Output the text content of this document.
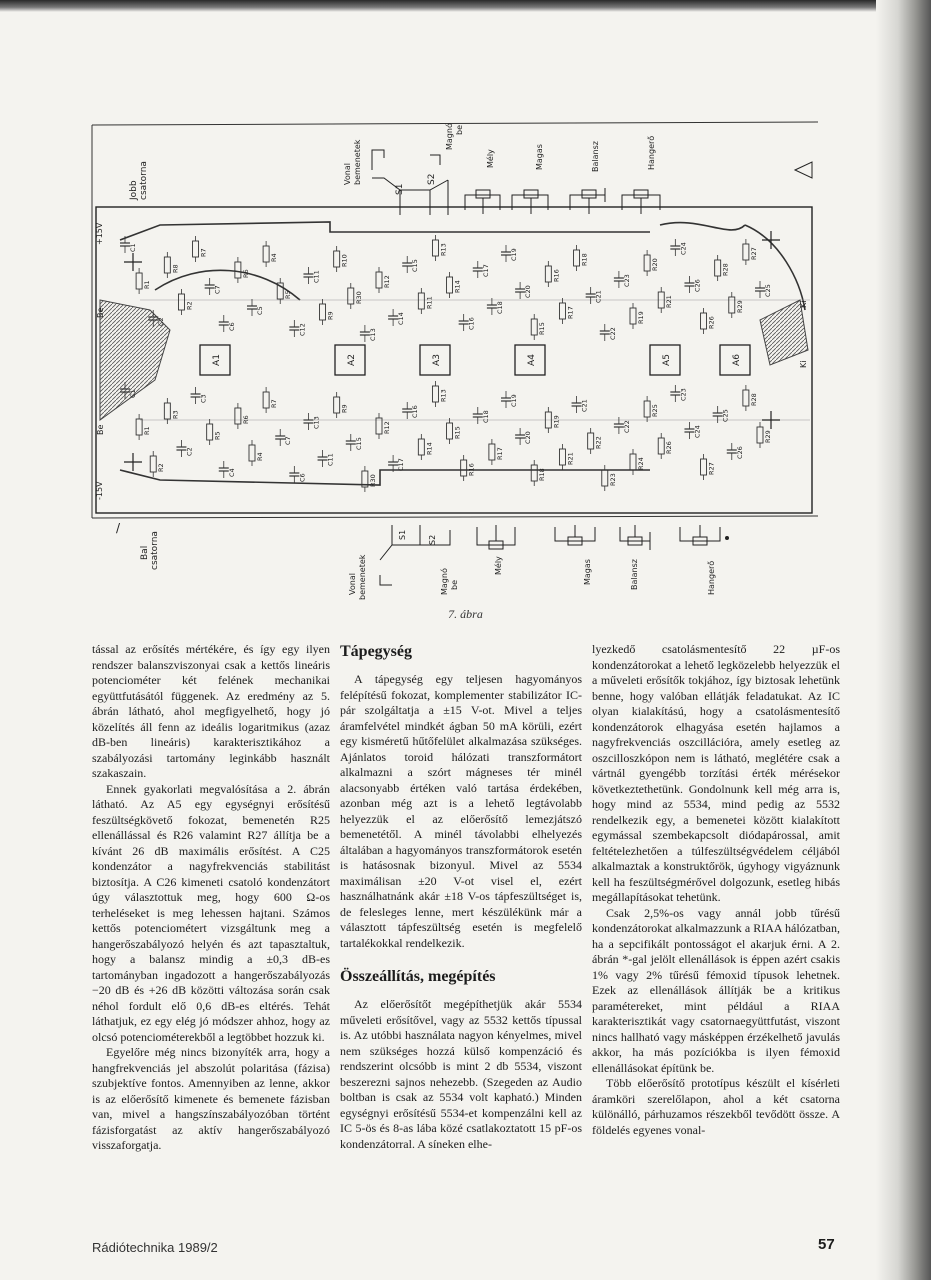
Jobb csatorna	Vonal bemenetek
Magnó be
S1
S2
Mély	Magas	Balansz	Hangerő
C1
R1
C2
R8
R2
R7
C7
C6
R6
C5
R4
R5
C12
C11
R9
R10
R30
C13
R12
C14
C15
R11
R13
R14
C16
C17
C18
C19
C20
R15
R16
R17
R18
C21
C22
C23
R19
R20
R21
C24
C26
R26
R28
R29
R27
C25
C1
R1
R2
R3
C2
C3
R5
C4
R6
R4
R7
C7
C6
C13
C11
R9
C15
R30
R12
C17
C16
R14
R13
R15
R16
C18
R17
C19
C20
R18
R19
R21
C21
R22
R23
C22
R24
R25
R26
C23
C24
R27
C25
C26
R28
R29
A1	A2	A3	A4	A5	A6
+15V
-15V
Be
Be
Ki
Ki
/
Bal csatorna
Vonal bemenetek	Magnó be
S1	S2
Mély	Magas	Balansz	Hangerő
7. ábra

tással az erősítés mértékére, és így egy ilyen rendszer balanszviszonyai csak a kettős lineáris potenciométer két felének mechanikai együttfutásától függenek. Az eredmény az 5. ábrán látható, ahol megfigyelhető, hogy jó közelítés áll fenn az ideális logaritmikus (azaz dB-ben lineáris) karakterisztikához a szabályozási tartomány leginkább használt szakaszain.

Ennek gyakorlati megvalósítása a 2. ábrán látható. Az A5 egy egységnyi erősítésű feszültségkövető fokozat, bemenetén R25 ellenállással és R26 valamint R27 állítja be a kívánt 26 dB maximális erősítést. A C25 kondenzátor a nagyfrekvenciás stabilitást biztosítja. A C26 kimeneti csatoló kondenzátort úgy választottuk meg, hogy 600 Ω-os terheléseket is meg lehessen hajtani. Számos kettős potenciométert vizsgáltunk meg a hangerőszabályozó helyén és azt tapasztaltuk, hogy a balansz mindig a ±0,3 dB-es tartományban ingadozott a hangerőszabályozás −20 dB és +26 dB közötti változása során csak néhol fordult elő 0,6 dB-es eltérés. Tehát láthatjuk, ez egy elég jó módszer ahhoz, hogy az olcsó potenciométerekből a legtöbbet hozzuk ki.

Egyelőre még nincs bizonyíték arra, hogy a hangfrekvenciás jel abszolút polaritása (fázisa) szubjektíve fontos. Amennyiben az lenne, akkor is az előerősítő kimenete és bemenete fázisban van, mivel a hangszínszabályozóban történt fázisforgatást az aktív hangerőszabályozó visszaforgatja.

Tápegység

A tápegység egy teljesen hagyományos felépítésű fokozat, komplementer stabilizátor IC-pár szolgáltatja a ±15 V-ot. Mivel a teljes áramfelvétel mindkét ágban 50 mA körüli, ezért egy kisméretű hűtőfelület alkalmazása szükséges. Ajánlatos toroid hálózati transzformátort alkalmazni a szórt mágneses tér minél alacsonyabb értéken való tartása érdekében, azonban még azt is a lehető legtávolabb helyezzük el az előerősítő lemezjátszó bemenetétől. A minél távolabbi elhelyezés általában a hagyományos transzformátorok esetén is hatásosnak bizonyul. Mivel az 5534 maximálisan ±20 V-ot visel el, ezért használhatnánk akár ±18 V-os tápfeszültséget is, de felesleges lenne, mert készülékünk már a választott tápfeszültség esetén is megfelelő tartalékokkal rendelkezik.

Összeállítás, megépítés

Az előerősítőt megépíthetjük akár 5534 műveleti erősítővel, vagy az 5532 kettős típussal is. Az utóbbi használata nagyon kényelmes, mivel nem szükséges hozzá külső kompenzáció és rendszerint olcsóbb is mint 2 db 5534, viszont beszerezni sajnos nehezebb. (Szegeden az Audio boltban is csak az 5534 volt kapható.) Minden egységnyi erősítésű 5534-et kompenzálni kell az IC 5-ös és 8-as lába közé csatlakoztatott 15 pF-os kondenzátorral. A síneken elhe-

lyezkedő csatolásmentesítő 22 µF-os kondenzátorokat a lehető legközelebb helyezzük el a műveleti erősítők tokjához, így biztosak lehetünk benne, hogy valóban ellátják feladatukat. Az IC olyan kialakítású, hogy a csatolásmentesítő kondenzátorok elhagyása esetén hajlamos a nagyfrekvenciás oszcillációra, amely esetleg az oszcilloszkópon nem is látható, meglétére csak a vártnál gyengébb torzítási érték mérésekor következtethetünk. Gondolnunk kell még arra is, hogy mind az 5534, mind pedig az 5532 rendelkezik egy, a bemenetei között kialakított egymással szembekapcsolt diódapárossal, amit feltételezhetően a túlfeszültségvédelem céljából alkalmaztak a konstruktőrök, úgyhogy vigyáznunk kell ha feszültségmérővel dolgozunk, esetleg hibás megállapításokat tehetünk.

Csak 2,5%-os vagy annál jobb tűrésű kondenzátorokat alkalmazzunk a RIAA hálózatban, ha a sepcifikált pontosságot el akarjuk érni. A 2. ábrán *-gal jelölt ellenállások is éppen azért csakis 1% vagy 2% tűrésű fémoxid típusok lehetnek. Ezek az ellenállások állítják be a kritikus paramétereket, mint például a RIAA karakterisztikát vagy csatornaegyüttfutást, viszont nincs hallható vagy másképpen érzékelhető javulás akkor, ha más pozíciókba is ilyen fémoxid ellenállásokat építünk be.

Több előerősítő prototípus készült el kísérleti áramköri szerelőlapon, ahol a két csatorna különálló, párhuzamos részekből tevődött össze. A földelés egyenes vonal-

Rádiótechnika 1989/2	57
